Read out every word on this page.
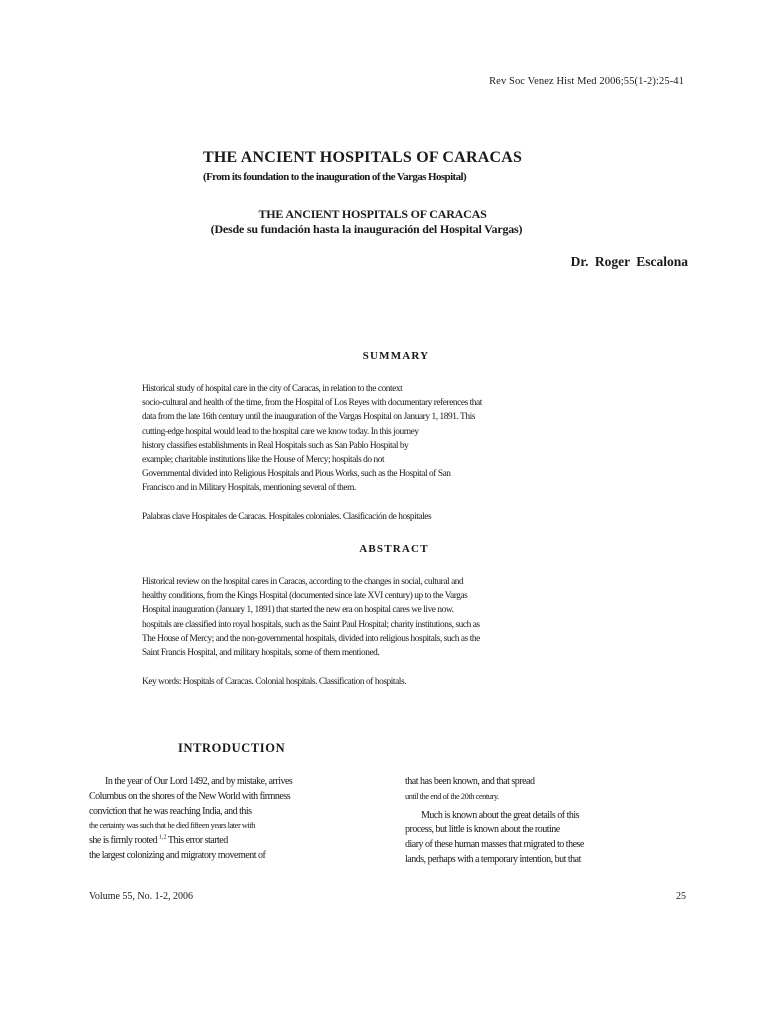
Rev Soc Venez Hist Med 2006;55(1-2):25-41
THE ANCIENT HOSPITALS OF CARACAS
(From its foundation to the inauguration of the Vargas Hospital)
THE ANCIENT HOSPITALS OF CARACAS
(Desde su fundación hasta la inauguración del Hospital Vargas)
Dr. Roger Escalona
SUMMARY
Historical study of hospital care in the city of Caracas, in relation to the context
socio-cultural and health of the time, from the Hospital of Los Reyes with documentary references that
data from the late 16th century until the inauguration of the Vargas Hospital on January 1, 1891. This
cutting-edge hospital would lead to the hospital care we know today. In this journey
history classifies establishments in Real Hospitals such as San Pablo Hospital by
example; charitable institutions like the House of Mercy; hospitals do not
Governmental divided into Religious Hospitals and Pious Works, such as the Hospital of San
Francisco and in Military Hospitals, mentioning several of them.
Palabras clave Hospitales de Caracas. Hospitales coloniales. Clasificación de hospitales
ABSTRACT
Historical review on the hospital cares in Caracas, according to the changes in social, cultural and
healthy conditions, from the Kings Hospital (documented since late XVI century) up to the Vargas
Hospital inauguration (January 1, 1891) that started the new era on hospital cares we live now.
hospitals are classified into royal hospitals, such as the Saint Paul Hospital; charity institutions, such as
The House of Mercy; and the non-governmental hospitals, divided into religious hospitals, such as the
Saint Francis Hospital, and military hospitals, some of them mentioned.
Key words: Hospitals of Caracas. Colonial hospitals. Classification of hospitals.
INTRODUCTION
In the year of Our Lord 1492, and by mistake, arrives
Columbus on the shores of the New World with firmness
conviction that he was reaching India, and this
the certainty was such that he died fifteen years later with
she is firmly rooted $^{1, 2}$ This error started
the largest colonizing and migratory movement of
that has been known, and that spread
until the end of the 20th century.
Much is known about the great details of this
process, but little is known about the routine
diary of these human masses that migrated to these
lands, perhaps with a temporary intention, but that
Volume 55, No. 1-2, 2006	25
